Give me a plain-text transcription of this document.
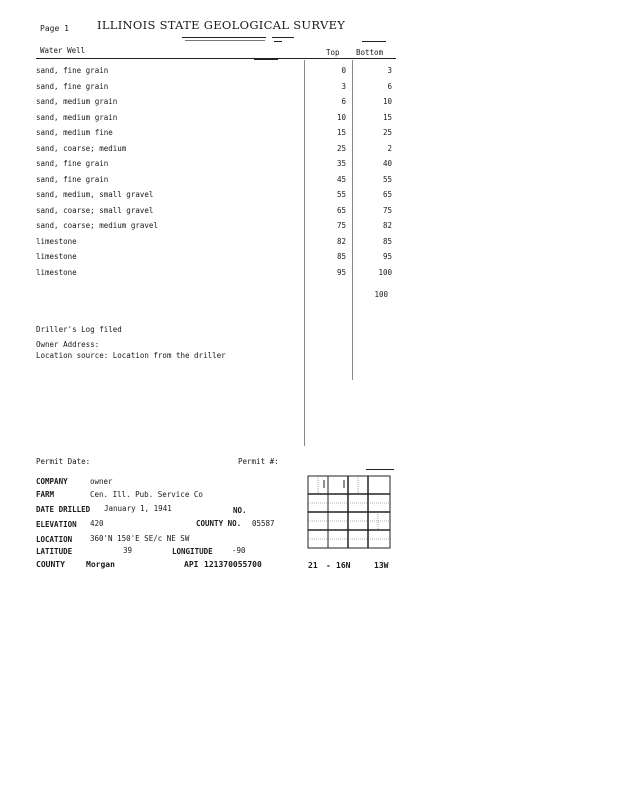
Page 1 ILLINOIS STATE GEOLOGICAL SURVEY
Water Well	Top Bottom
sand, fine grain	0	3
sand, fine grain	3	6
sand, medium grain	6	10
sand, medium grain	10	15
sand, medium fine	15	25
sand, coarse; medium	25	2
sand, fine grain	35	40
sand, fine grain	45	55
sand, medium, small gravel	55	65
sand, coarse; small gravel	65	75
sand, coarse; medium gravel	75	82
limestone	82	85
limestone	85	95
limestone	95	100
100
Driller's Log filed
Owner Address:
Location source: Location from the driller
Permit Date:	Permit #:
COMPANY	owner
FARM	Cen. Ill. Pub. Service Co
DATE DRILLED January 1, 1941	NO.
ELEVATION 420	COUNTY NO. 05587
LOCATION 360'N 150'E SE/c NE SW
LATITUDE	39	LONGITUDE	-90
COUNTY	Morgan	API 121370055700	21 - 16N	13W
